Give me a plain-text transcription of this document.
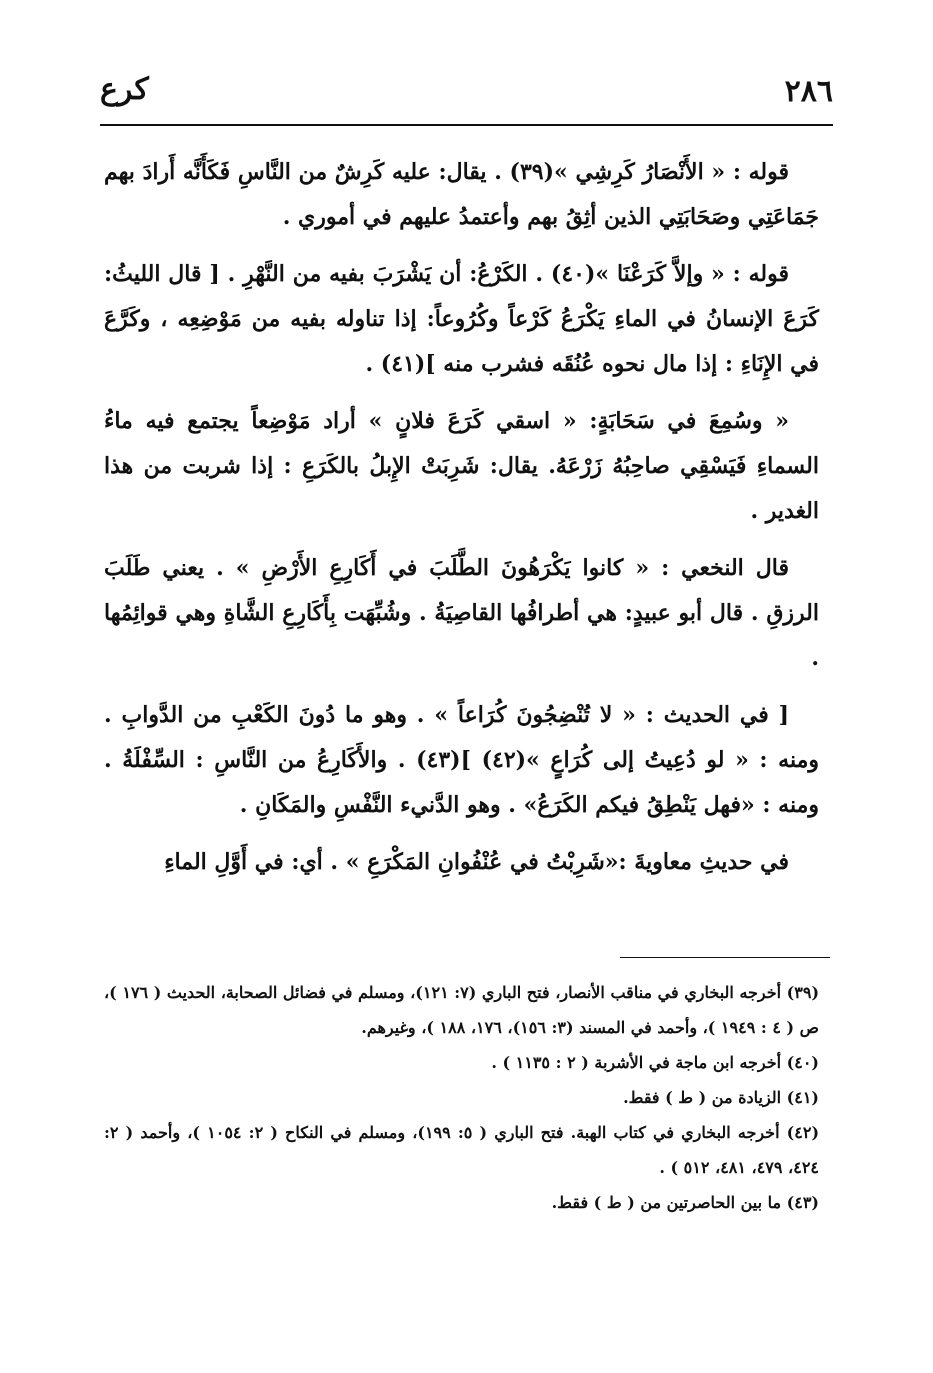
٢٨٦
كرع

قوله : « الأَنْصَارُ كَرِشِي »(٣٩) . يقال: عليه كَرِشٌ من النَّاسِ فَكَأَنَّه أَرادَ بهم جَمَاعَتِي وصَحَابَتِي الذين أثِقُ بهم وأعتمدُ عليهم في أموري .

قوله : « وإلاَّ كَرَعْنَا »(٤٠) . الكَرْعُ: أن يَشْرَبَ بفيه من النَّهْرِ . [ قال الليثُ: كَرَعَ الإنسانُ في الماءِ يَكْرَعُ كَرْعاً وكُرُوعاً: إذا تناوله بفيه من مَوْضِعِه ، وكَرَّعَ في الإِنَاءِ : إذا مال نحوه عُنُقَه فشرب منه ](٤١) .

« وسُمِعَ في سَحَابَةٍ: « اسقي كَرَعَ فلانٍ » أراد مَوْضِعاً يجتمع فيه ماءُ السماءِ فَيَسْقِي صاحِبُهُ زَرْعَهُ. يقال: شَرِبَتْ الإِبلُ بالكَرَعِ : إذا شربت من هذا الغدير .

قال النخعي : « كانوا يَكْرَهُونَ الطَّلَبَ في أَكَارِعِ الأَرْضِ » . يعني طَلَبَ الرزقِ . قال أبو عبيدٍ: هي أطرافُها القاصِيَةُ . وشُبِّهَت بِأَكَارِعِ الشَّاةِ وهي قوائِمُها .

[ في الحديث : « لا تُنْضِجُونَ كُرَاعاً » . وهو ما دُونَ الكَعْبِ من الدَّوابِ . ومنه : « لو دُعِيتُ إلى كُرَاعٍ »(٤٢) ](٤٣) . والأَكَارِعُ من النَّاسِ : السِّفْلَةُ . ومنه : «فهل يَنْطِقُ فيكم الكَرَعُ» . وهو الدَّنيء النَّفْسِ والمَكَانِ .

في حديثِ معاويةَ :«شَرِبْتُ في عُنْفُوانِ المَكْرَعِ » . أي: في أَوَّلِ الماءِ

(٣٩) أخرجه البخاري في مناقب الأنصار، فتح الباري (٧: ١٢١)، ومسلم في فضائل الصحابة، الحديث ( ١٧٦ )، ص ( ٤ : ١٩٤٩ )، وأحمد في المسند (٣: ١٥٦)، ١٧٦، ١٨٨ )، وغيرهم.

(٤٠) أخرجه ابن ماجة في الأشربة ( ٢ : ١١٣٥ ) .

(٤١) الزيادة من ( ط ) فقط.

(٤٢) أخرجه البخاري في كتاب الهبة. فتح الباري ( ٥: ١٩٩)، ومسلم في النكاح ( ٢: ١٠٥٤ )، وأحمد ( ٢: ٤٢٤، ٤٧٩، ٤٨١، ٥١٢ ) .

(٤٣) ما بين الحاصرتين من ( ط ) فقط.
